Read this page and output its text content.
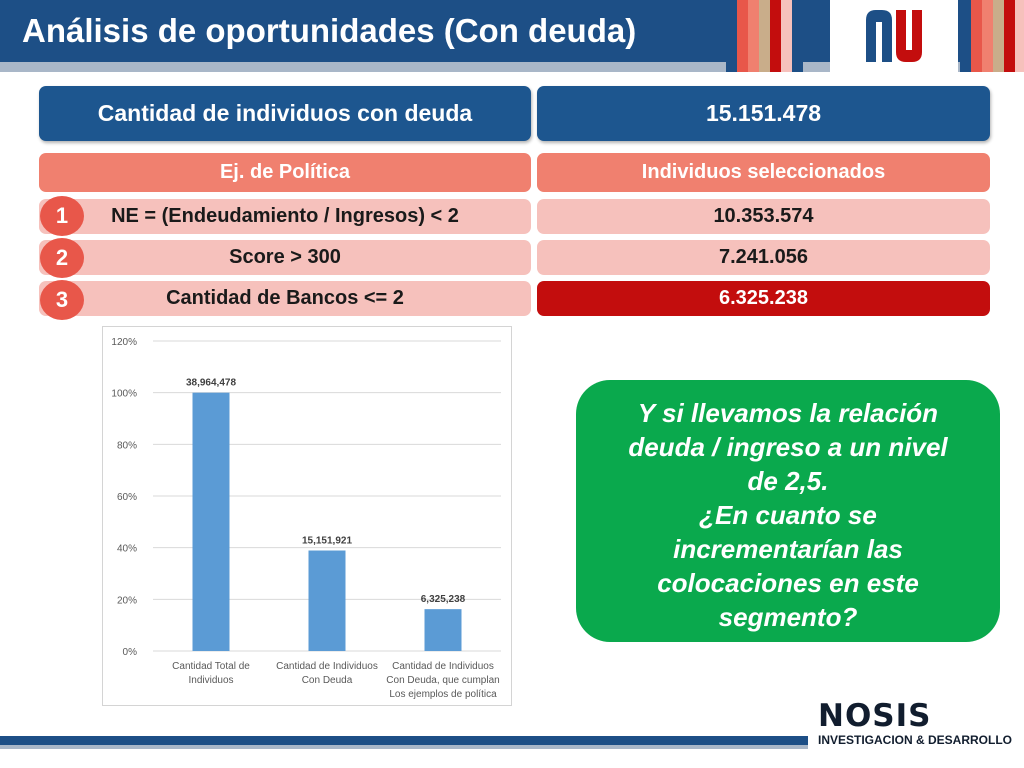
Análisis de oportunidades (Con deuda)
Cantidad de individuos con deuda	15.151.478
Ej. de Política	Individuos seleccionados
NE = (Endeudamiento / Ingresos) < 2	10.353.574
Score > 300	7.241.056
Cantidad de Bancos <= 2	6.325.238
1
2
3
0%
20%
40%
60%
80%
100%
120%
38,964,478
Cantidad Total de
Individuos
15,151,921
Cantidad de Individuos
Con Deuda
6,325,238
Cantidad de Individuos
Con Deuda, que cumplan
Los ejemplos de política
Y si llevamos la relación
deuda / ingreso a un nivel
de 2,5.
¿En cuanto se
incrementarían las
colocaciones en este
segmento?
NOSIS
INVESTIGACION & DESARROLLO
